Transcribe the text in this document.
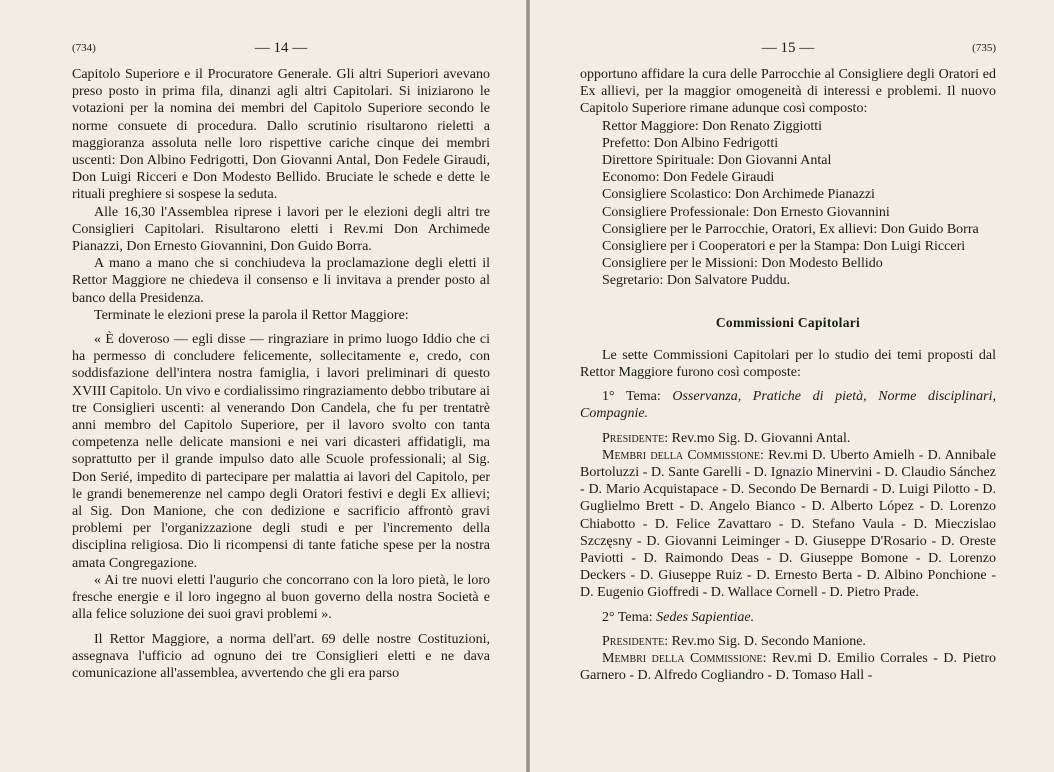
(734)	— 14 —

Capitolo Superiore e il Procuratore Generale. Gli altri Superiori avevano preso posto in prima fila, dinanzi agli altri Capitolari. Si iniziarono le votazioni per la nomina dei membri del Capitolo Superiore secondo le norme consuete di procedura. Dallo scrutinio risultarono rieletti a maggioranza assoluta nelle loro rispettive cariche cinque dei membri uscenti: Don Albino Fedrigotti, Don Giovanni Antal, Don Fedele Giraudi, Don Luigi Ricceri e Don Modesto Bellido. Bruciate le schede e dette le rituali preghiere si sospese la seduta.

Alle 16,30 l'Assemblea riprese i lavori per le elezioni degli altri tre Consiglieri Capitolari. Risultarono eletti i Rev.mi Don Archimede Pianazzi, Don Ernesto Giovannini, Don Guido Borra.

A mano a mano che si conchiudeva la proclamazione degli eletti il Rettor Maggiore ne chiedeva il consenso e li invitava a prender posto al banco della Presidenza.

Terminate le elezioni prese la parola il Rettor Maggiore:

« È doveroso — egli disse — ringraziare in primo luogo Iddio che ci ha permesso di concludere felicemente, sollecitamente e, credo, con soddisfazione dell'intera nostra famiglia, i lavori preliminari di questo XVIII Capitolo. Un vivo e cordialissimo ringraziamento debbo tributare ai tre Consiglieri uscenti: al venerando Don Candela, che fu per trentatrè anni membro del Capitolo Superiore, per il lavoro svolto con tanta competenza nelle delicate mansioni e nei vari dicasteri affidatigli, ma soprattutto per il grande impulso dato alle Scuole professionali; al Sig. Don Serié, impedito di partecipare per malattia ai lavori del Capitolo, per le grandi benemerenze nel campo degli Oratori festivi e degli Ex allievi; al Sig. Don Manione, che con dedizione e sacrificio affrontò gravi problemi per l'organizzazione degli studi e per l'incremento della disciplina religiosa. Dio li ricompensi di tante fatiche spese per la nostra amata Congregazione.

« Ai tre nuovi eletti l'augurio che concorrano con la loro pietà, le loro fresche energie e il loro ingegno al buon governo della nostra Società e alla felice soluzione dei suoi gravi problemi ».

Il Rettor Maggiore, a norma dell'art. 69 delle nostre Costituzioni, assegnava l'ufficio ad ognuno dei tre Consiglieri eletti e ne dava comunicazione all'assemblea, avvertendo che gli era parso

— 15 —	(735)

opportuno affidare la cura delle Parrocchie al Consigliere degli Oratori ed Ex allievi, per la maggior omogeneità di interessi e problemi. Il nuovo Capitolo Superiore rimane adunque così composto:

Rettor Maggiore: Don Renato Ziggiotti
Prefetto: Don Albino Fedrigotti
Direttore Spirituale: Don Giovanni Antal
Economo: Don Fedele Giraudi
Consigliere Scolastico: Don Archimede Pianazzi
Consigliere Professionale: Don Ernesto Giovannini
Consigliere per le Parrocchie, Oratori, Ex allievi: Don Guido Borra
Consigliere per i Cooperatori e per la Stampa: Don Luigi Ricceri
Consigliere per le Missioni: Don Modesto Bellido
Segretario: Don Salvatore Puddu.
Commissioni Capitolari

Le sette Commissioni Capitolari per lo studio dei temi proposti dal Rettor Maggiore furono così composte:

1° Tema: Osservanza, Pratiche di pietà, Norme disciplinari, Compagnie.

Presidente: Rev.mo Sig. D. Giovanni Antal.

Membri della Commissione: Rev.mi D. Uberto Amielh - D. Annibale Bortoluzzi - D. Sante Garelli - D. Ignazio Minervini - D. Claudio Sánchez - D. Mario Acquistapace - D. Secondo De Bernardi - D. Luigi Pilotto - D. Guglielmo Brett - D. Angelo Bianco - D. Alberto López - D. Lorenzo Chiabotto - D. Felice Zavattaro - D. Stefano Vaula - D. Mieczislao Szczęsny - D. Giovanni Leiminger - D. Giuseppe D'Rosario - D. Oreste Paviotti - D. Raimondo Deas - D. Giuseppe Bomone - D. Lorenzo Deckers - D. Giuseppe Ruiz - D. Ernesto Berta - D. Albino Ponchione - D. Eugenio Gioffredi - D. Wallace Cornell - D. Pietro Prade.

2° Tema: Sedes Sapientiae.

Presidente: Rev.mo Sig. D. Secondo Manione.

Membri della Commissione: Rev.mi D. Emilio Corrales - D. Pietro Garnero - D. Alfredo Cogliandro - D. Tomaso Hall -
